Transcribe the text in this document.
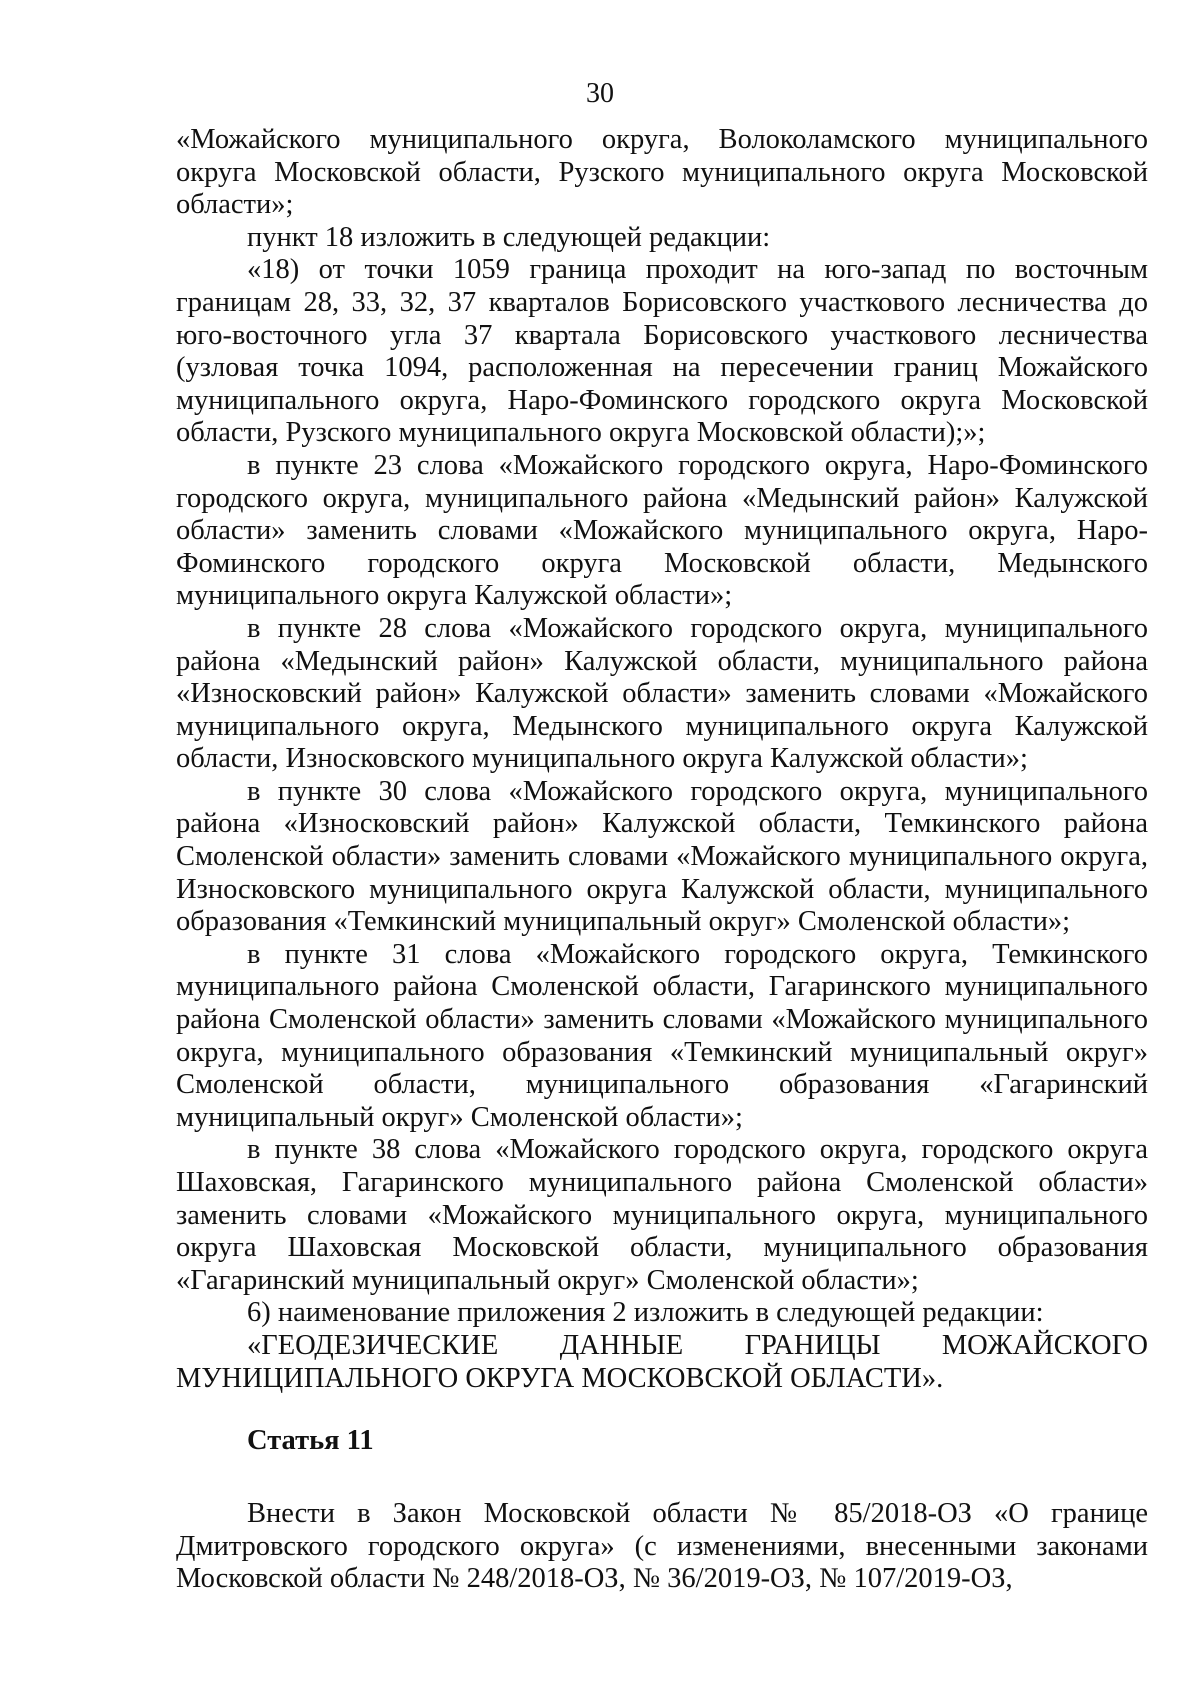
30

«Можайского муниципального округа, Волоколамского муниципального округа Московской области, Рузского муниципального округа Московской области»;

пункт 18 изложить в следующей редакции:

«18) от точки 1059 граница проходит на юго-запад по восточным границам 28, 33, 32, 37 кварталов Борисовского участкового лесничества до юго-восточного угла 37 квартала Борисовского участкового лесничества (узловая точка 1094, расположенная на пересечении границ Можайского муниципального округа, Наро-Фоминского городского округа Московской области, Рузского муниципального округа Московской области);»;

в пункте 23 слова «Можайского городского округа, Наро-Фоминского городского округа, муниципального района «Медынский район» Калужской области» заменить словами «Можайского муниципального округа, Наро-Фоминского городского округа Московской области, Медынского муниципального округа Калужской области»;

в пункте 28 слова «Можайского городского округа, муниципального района «Медынский район» Калужской области, муниципального района «Износковский район» Калужской области» заменить словами «Можайского муниципального округа, Медынского муниципального округа Калужской области, Износковского муниципального округа Калужской области»;

в пункте 30 слова «Можайского городского округа, муниципального района «Износковский район» Калужской области, Темкинского района Смоленской области» заменить словами «Можайского муниципального округа, Износковского муниципального округа Калужской области, муниципального образования «Темкинский муниципальный округ» Смоленской области»;

в пункте 31 слова «Можайского городского округа, Темкинского муниципального района Смоленской области, Гагаринского муниципального района Смоленской области» заменить словами «Можайского муниципального округа, муниципального образования «Темкинский муниципальный округ» Смоленской области, муниципального образования «Гагаринский муниципальный округ» Смоленской области»;

в пункте 38 слова «Можайского городского округа, городского округа Шаховская, Гагаринского муниципального района Смоленской области» заменить словами «Можайского муниципального округа, муниципального округа Шаховская Московской области, муниципального образования «Гагаринский муниципальный округ» Смоленской области»;

6) наименование приложения 2 изложить в следующей редакции:

«ГЕОДЕЗИЧЕСКИЕ ДАННЫЕ ГРАНИЦЫ МОЖАЙСКОГО

МУНИЦИПАЛЬНОГО ОКРУГА МОСКОВСКОЙ ОБЛАСТИ».

Статья 11

Внести в Закон Московской области № 85/2018-ОЗ «О границе Дмитровского городского округа» (с изменениями, внесенными законами Московской области № 248/2018-ОЗ, № 36/2019-ОЗ, № 107/2019-ОЗ,
